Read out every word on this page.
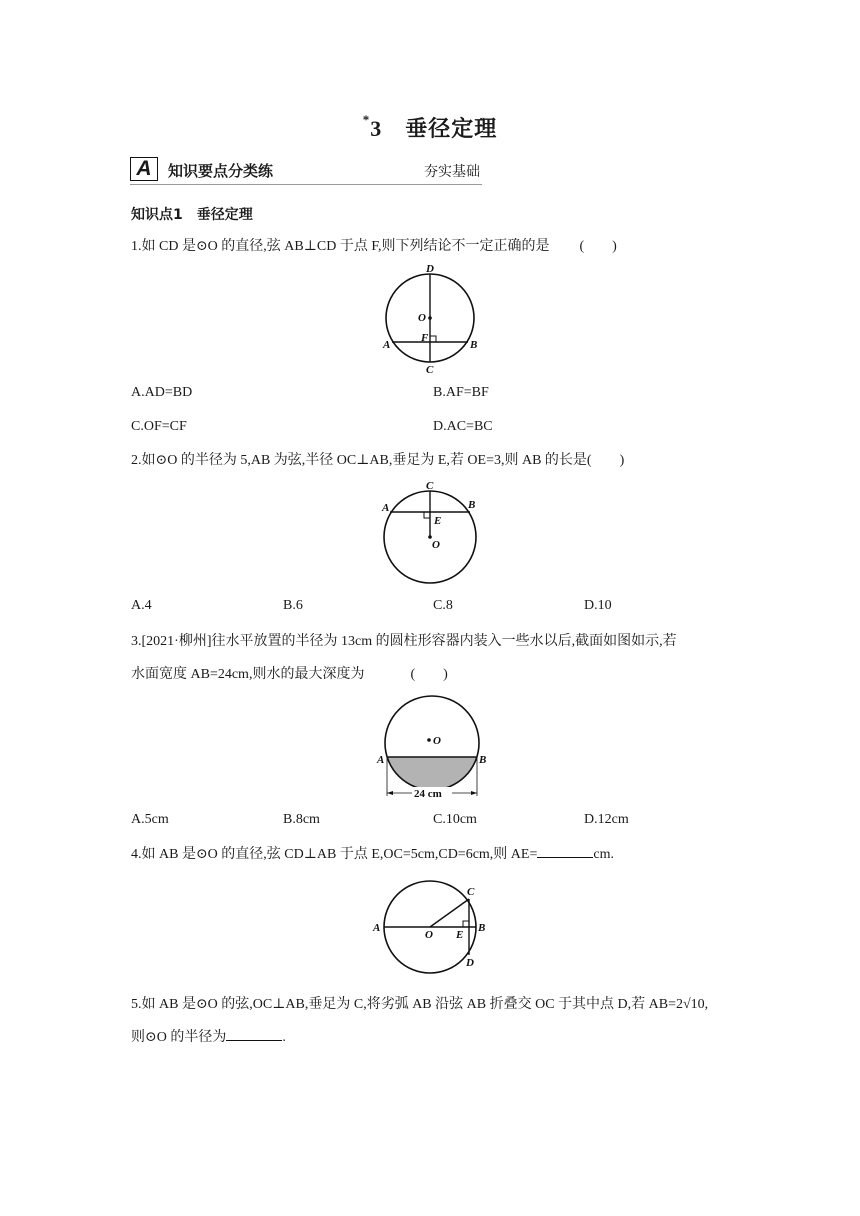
*3　 垂径定理
A	知识要点分类练	夯实基础
知识点1　垂径定理
1.如 CD 是⊙O 的直径,弦 AB⊥CD 于点 F,则下列结论不一定正确的是 (　　)
D
O
F
A	B
C
A.AD=BD	B.AF=BF
C.OF=CF	D.AC=BC
2.如⊙O 的半径为 5,AB 为弦,半径 OC⊥AB,垂足为 E,若 OE=3,则 AB 的长是(　　)
C
A	B
E
O
A.4	B.6	C.8	D.10
3.[2021·柳州]往水平放置的半径为 13cm 的圆柱形容器内装入一些水以后,截面如图如示,若
水面宽度 AB=24cm,则水的最大深度为	(　　)
O
A	B
24 cm
A.5cm	B.8cm	C.10cm	D.12cm
4.如 AB 是⊙O 的直径,弦 CD⊥AB 于点 E,OC=5cm,CD=6cm,则 AE=	cm.
A
O E
B
C
D
5.如 AB 是⊙O 的弦,OC⊥AB,垂足为 C,将劣弧 AB 沿弦 AB 折叠交 OC 于其中点 D,若 AB=2√10,
则⊙O 的半径为	.
